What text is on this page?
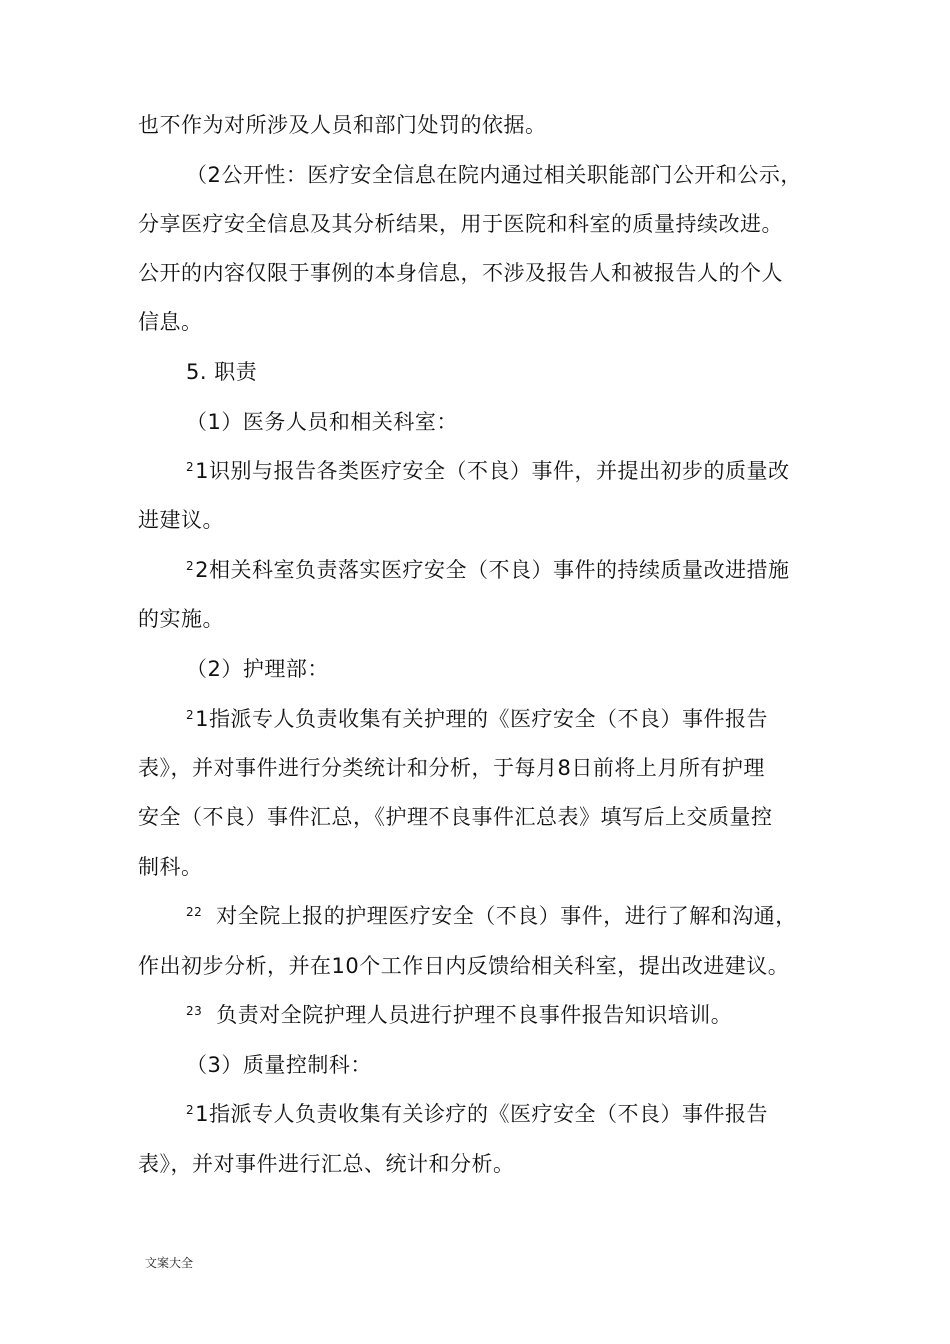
也不作为对所涉及人员和部门处罚的依据。
（2公开性：医疗安全信息在院内通过相关职能部门公开和公示，
分享医疗安全信息及其分析结果，用于医院和科室的质量持续改进。
公开的内容仅限于事例的本身信息，不涉及报告人和被报告人的个人
信息。
5. 职责
（1）医务人员和相关科室：
$^2$1识别与报告各类医疗安全（不良）事件，并提出初步的质量改
进建议。
$^2$2相关科室负责落实医疗安全（不良）事件的持续质量改进措施
的实施。
（2）护理部：
$^2$1指派专人负责收集有关护理的《医疗安全（不良）事件报告
表》，并对事件进行分类统计和分析，于每月8日前将上月所有护理
安全（不良）事件汇总，《护理不良事件汇总表》填写后上交质量控
制科。
$^{22}$ 对全院上报的护理医疗安全（不良）事件，进行了解和沟通，
作出初步分析，并在10个工作日内反馈给相关科室，提出改进建议。
$^{23}$ 负责对全院护理人员进行护理不良事件报告知识培训。
（3）质量控制科：
$^2$1指派专人负责收集有关诊疗的《医疗安全（不良）事件报告
表》，并对事件进行汇总、统计和分析。
文案大全
